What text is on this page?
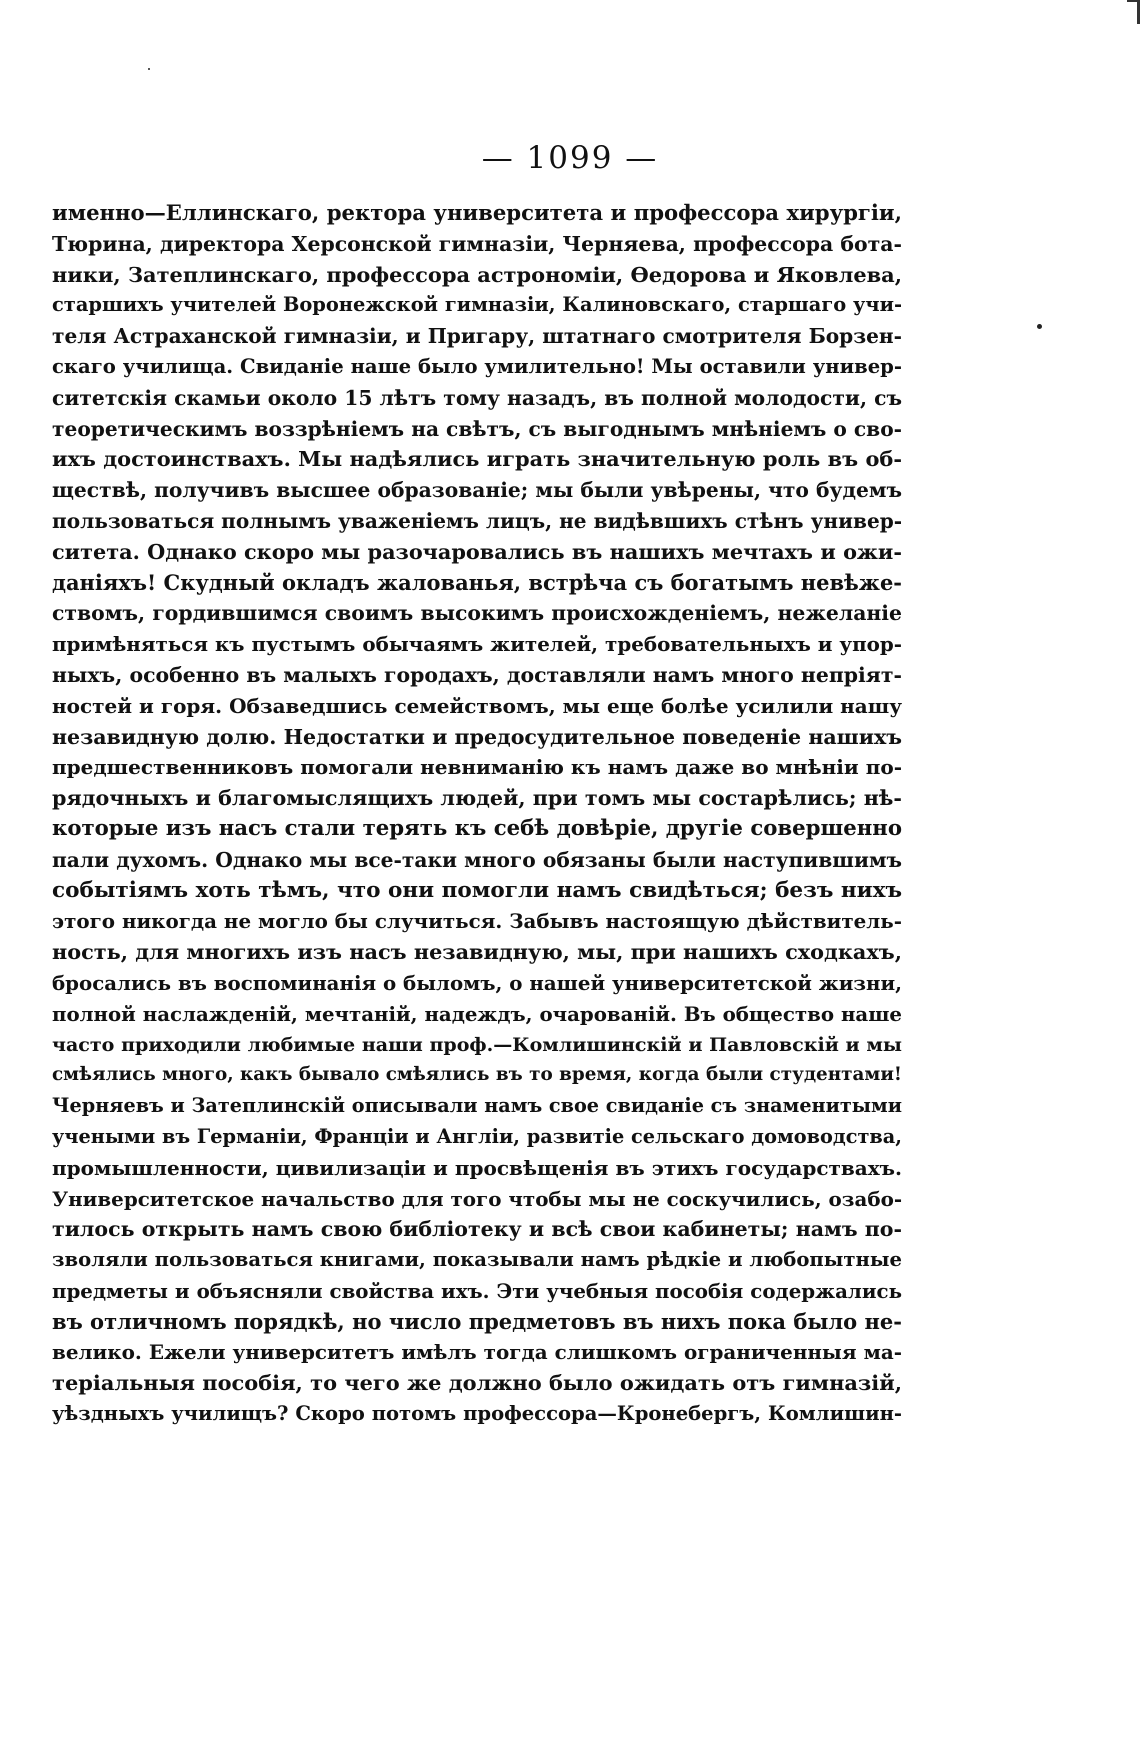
— 1099 —
именно—Еллинскаго, ректора университета и профессора хирургіи,
Тюрина, директора Херсонской гимназіи, Черняева, профессора бота-
ники, Затеплинскаго, профессора астрономіи, Ѳедорова и Яковлева,
старшихъ учителей Воронежской гимназіи, Калиновскаго, старшаго учи-
теля Астраханской гимназіи, и Пригару, штатнаго смотрителя Борзен-
скаго училища. Свиданіе наше было умилительно! Мы оставили универ-
ситетскія скамьи около 15 лѣтъ тому назадъ, въ полной молодости, съ
теоретическимъ воззрѣніемъ на свѣтъ, съ выгоднымъ мнѣніемъ о сво-
ихъ достоинствахъ. Мы надѣялись играть значительную роль въ об-
ществѣ, получивъ высшее образованіе; мы были увѣрены, что будемъ
пользоваться полнымъ уваженіемъ лицъ, не видѣвшихъ стѣнъ универ-
ситета. Однако скоро мы разочаровались въ нашихъ мечтахъ и ожи-
даніяхъ! Скудный окладъ жалованья, встрѣча съ богатымъ невѣже-
ствомъ, гордившимся своимъ высокимъ происхожденіемъ, нежеланіе
примѣняться къ пустымъ обычаямъ жителей, требовательныхъ и упор-
ныхъ, особенно въ малыхъ городахъ, доставляли намъ много непріят-
ностей и горя. Обзаведшись семействомъ, мы еще болѣе усилили нашу
незавидную долю. Недостатки и предосудительное поведеніе нашихъ
предшественниковъ помогали невниманію къ намъ даже во мнѣніи по-
рядочныхъ и благомыслящихъ людей, при томъ мы состарѣлись; нѣ-
которые изъ насъ стали терять къ себѣ довѣріе, другіе совершенно
пали духомъ. Однако мы все-таки много обязаны были наступившимъ
событіямъ хоть тѣмъ, что они помогли намъ свидѣться; безъ нихъ
этого никогда не могло бы случиться. Забывъ настоящую дѣйствитель-
ность, для многихъ изъ насъ незавидную, мы, при нашихъ сходкахъ,
бросались въ воспоминанія о быломъ, о нашей университетской жизни,
полной наслажденій, мечтаній, надеждъ, очарованій. Въ общество наше
часто приходили любимые наши проф.—Комлишинскій и Павловскій и мы
смѣялись много, какъ бывало смѣялись въ то время, когда были студентами!
Черняевъ и Затеплинскій описывали намъ свое свиданіе съ знаменитыми
учеными въ Германіи, Франціи и Англіи, развитіе сельскаго домоводства,
промышленности, цивилизаціи и просвѣщенія въ этихъ государствахъ.
Университетское начальство для того чтобы мы не соскучились, озабо-
тилось открыть намъ свою библіотеку и всѣ свои кабинеты; намъ по-
зволяли пользоваться книгами, показывали намъ рѣдкіе и любопытные
предметы и объясняли свойства ихъ. Эти учебныя пособія содержались
въ отличномъ порядкѣ, но число предметовъ въ нихъ пока было не-
велико. Ежели университетъ имѣлъ тогда слишкомъ ограниченныя ма-
теріальныя пособія, то чего же должно было ожидать отъ гимназій,
уѣздныхъ училищъ? Скоро потомъ профессора—Кронебергъ, Комлишин-
